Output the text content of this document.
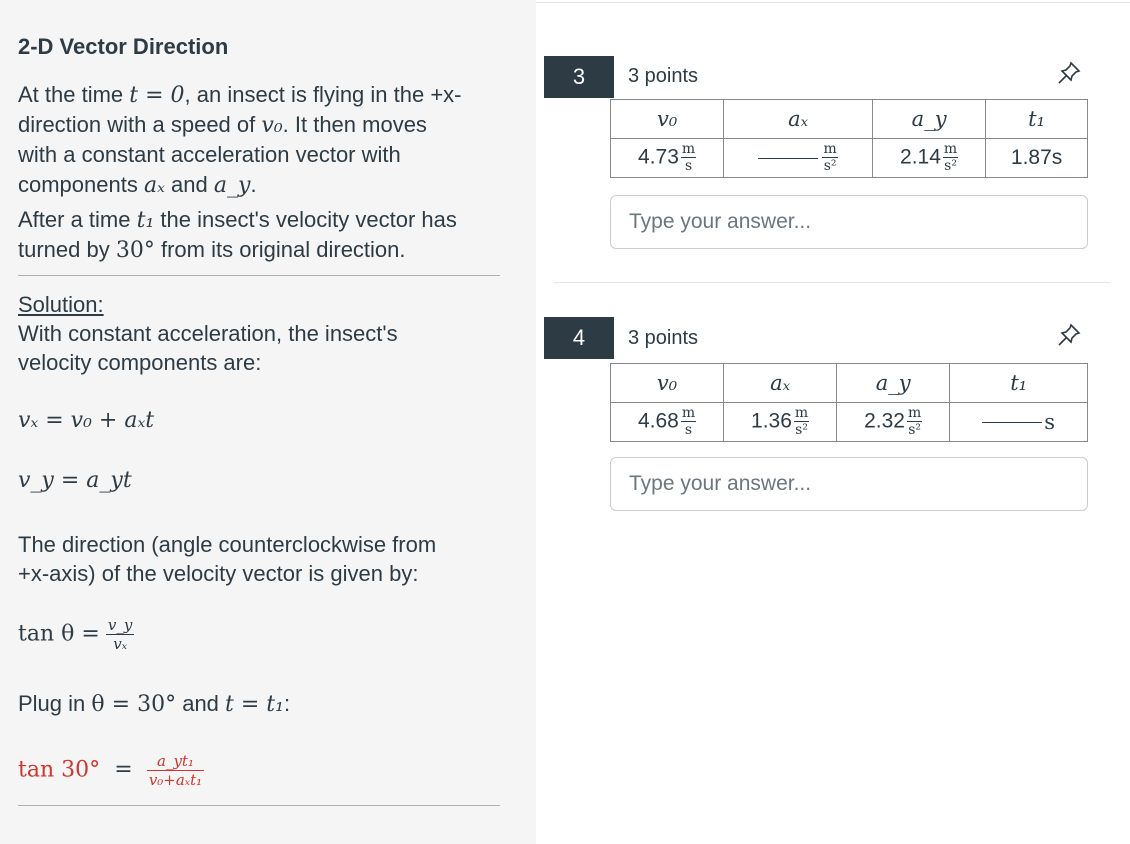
2-D Vector Direction
At the time t = 0, an insect is flying in the +x-
direction with a speed of v₀. It then moves
with a constant acceleration vector with
components aₓ and a_y.
After a time t₁ the insect's velocity vector has
turned by 30° from its original direction.
Solution:
With constant acceleration, the insect's
velocity components are:
vₓ = v₀ + aₓt
v_y = a_yt
The direction (angle counterclockwise from
+x-axis) of the velocity vector is given by:
$\tan \theta = \frac{v\_y}{\text{vₓ}}$
Plug in θ = 30° and t = t₁:
$\tan 30^\circ = \frac{\text{a\_yt₁}}{\text{v₀+aₓt₁}}$
3	3 points
v₀	aₓ	a_y	t₁
$4.73 \frac{m}{s}$	$\frac{m}{\text{s²}}$	$2.14 \frac{m}{\text{s²}}$	1.87s
Type your answer...
4	3 points
v₀	aₓ	a_y	t₁
$4.68 \frac{m}{s}$	$1.36 \frac{m}{\text{s²}}$	$2.32 \frac{m}{\text{s²}}$	s
Type your answer...
